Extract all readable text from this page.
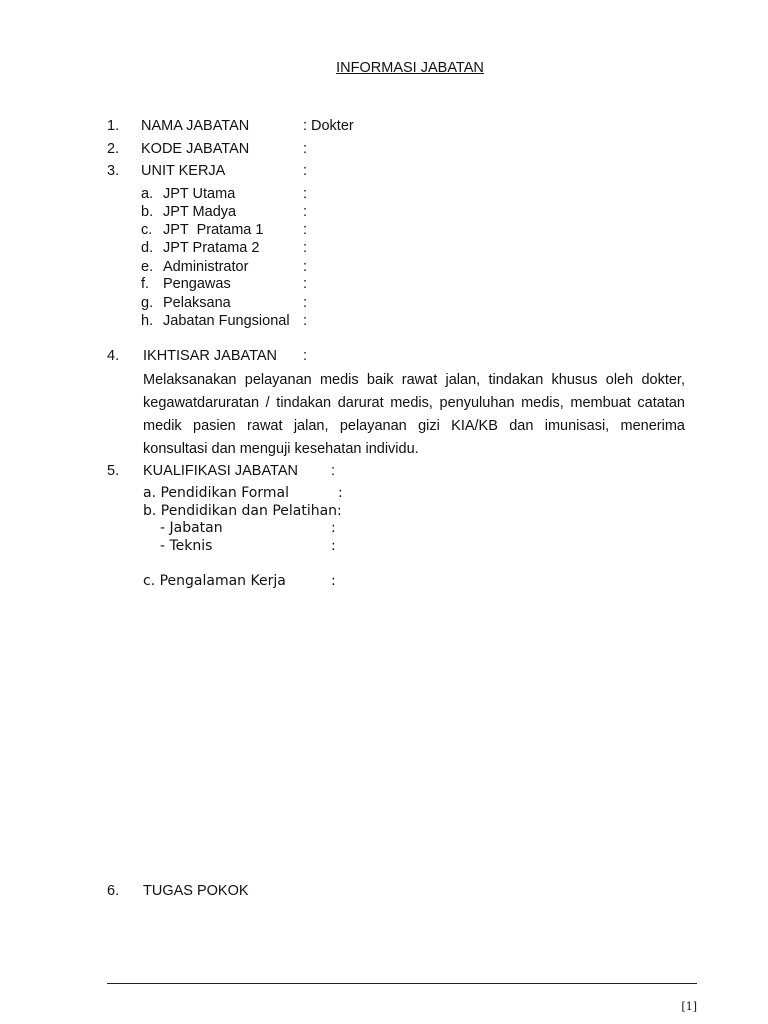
INFORMASI JABATAN
1. NAMA JABATAN	: Dokter
2. KODE JABATAN	:
3. UNIT KERJA	:
a. JPT Utama	:
b. JPT Madya	:
c. JPT  Pratama 1	:
d. JPT Pratama 2	:
e. Administrator	:
f. Pengawas	:
g. Pelaksana	:
h. Jabatan Fungsional :
4. IKHTISAR JABATAN :
Melaksanakan pelayanan medis baik rawat jalan, tindakan khusus oleh dokter, kegawatdaruratan / tindakan darurat medis, penyuluhan medis, membuat catatan medik pasien rawat jalan, pelayanan gizi KIA/KB dan imunisasi, menerima konsultasi dan menguji kesehatan individu.
5. KUALIFIKASI JABATAN :
a. Pendidikan Formal	:
b. Pendidikan dan Pelatihan:
- Jabatan	:
- Teknis	:
c. Pengalaman Kerja	:
6. TUGAS POKOK
[1]
